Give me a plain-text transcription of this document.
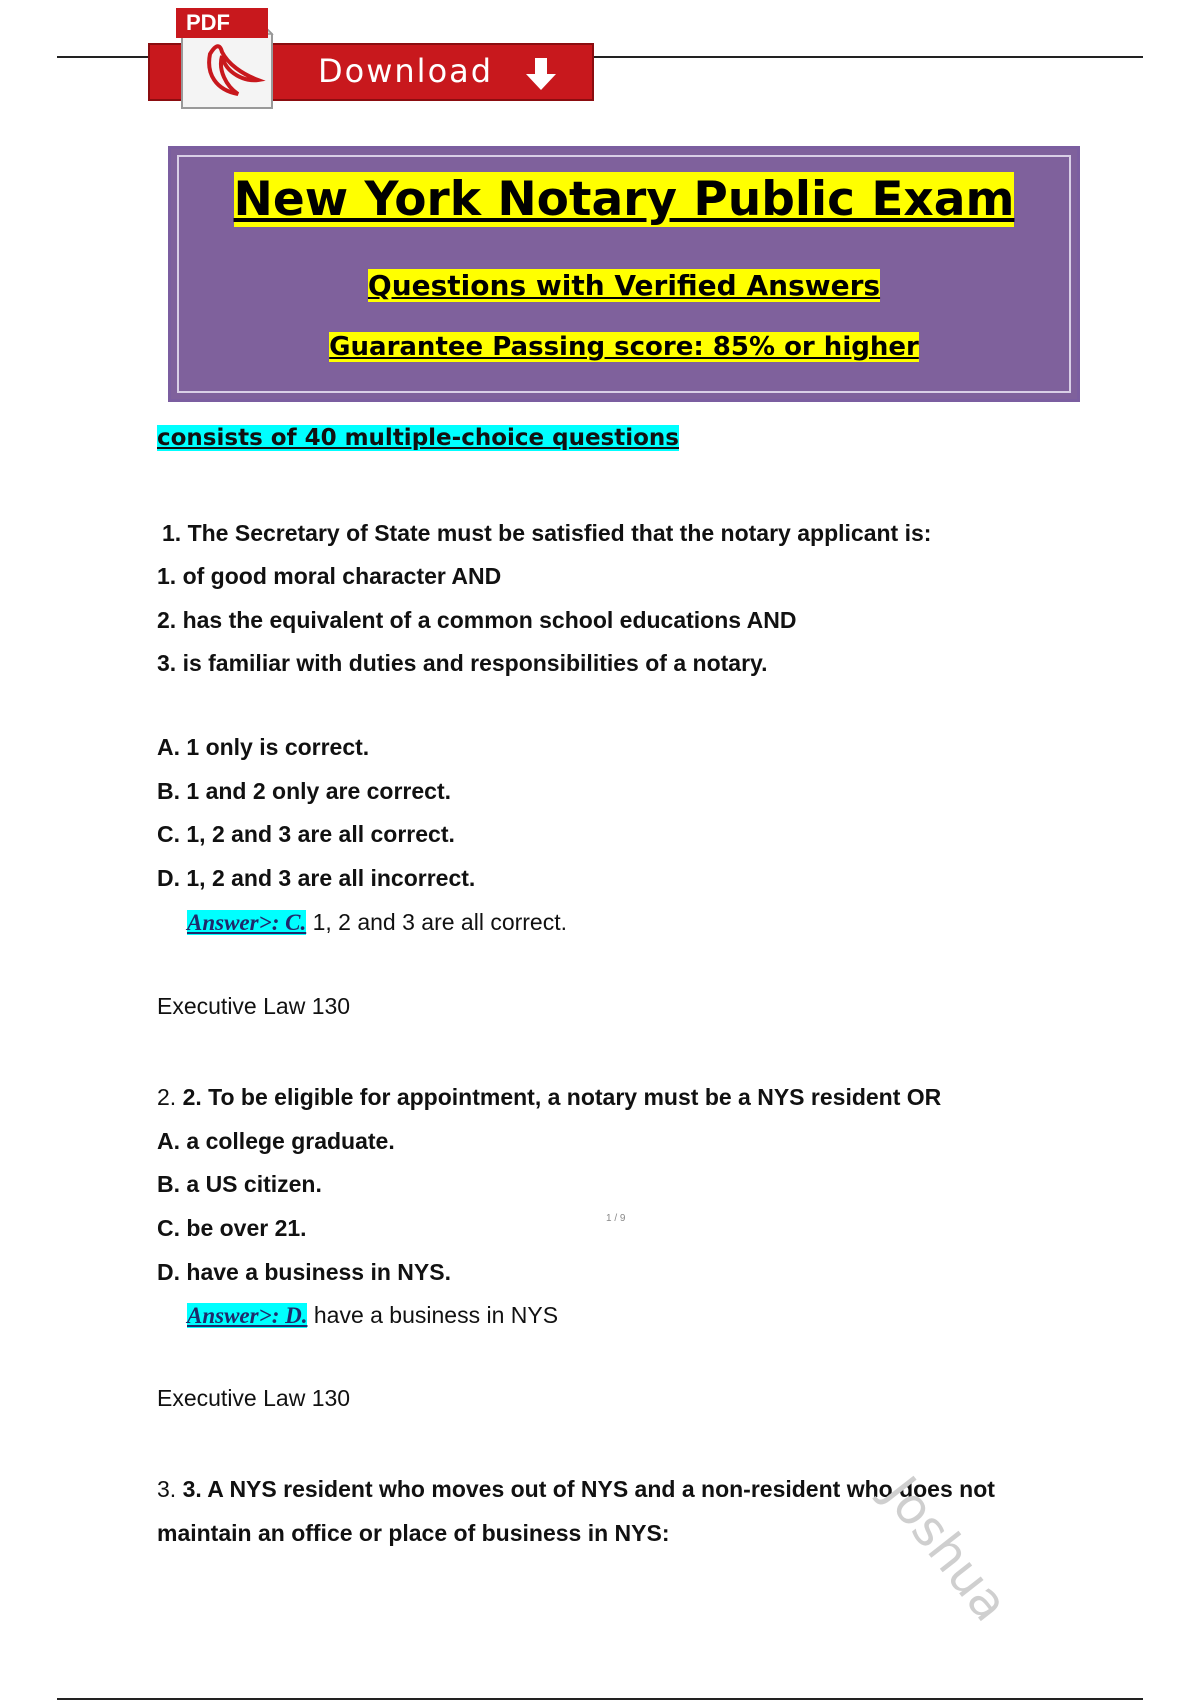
PDF
Download
New York Notary Public Exam
Questions with Verified Answers
Guarantee Passing score: 85% or higher
consists of 40 multiple-choice questions
1. The Secretary of State must be satisfied that the notary applicant is:
1. of good moral character AND
2. has the equivalent of a common school educations AND
3. is familiar with duties and responsibilities of a notary.
A. 1 only is correct.
B. 1 and 2 only are correct.
C. 1, 2 and 3 are all correct.
D. 1, 2 and 3 are all incorrect.
Answer>: C. 1, 2 and 3 are all correct.
Executive Law 130
2. 2. To be eligible for appointment, a notary must be a NYS resident OR
A. a college graduate.
B. a US citizen.
C. be over 21.
D. have a business in NYS.
1 / 9
Answer>: D. have a business in NYS
Executive Law 130
3. 3. A NYS resident who moves out of NYS and a non-resident who does not
maintain an office or place of business in NYS:	Joshua
